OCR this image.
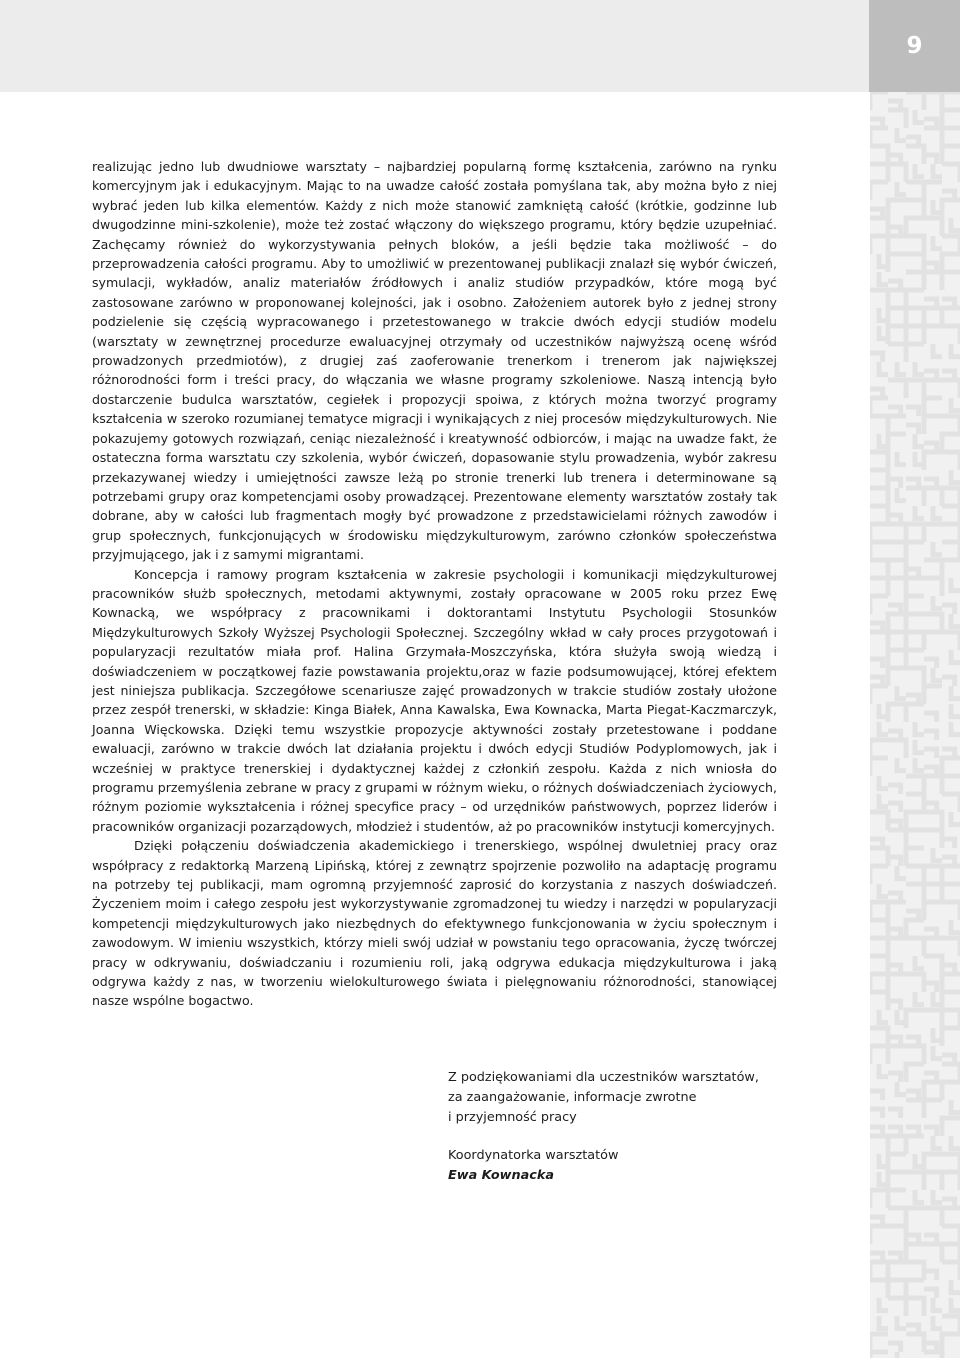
9

realizując jedno lub dwudniowe warsztaty – najbardziej popularną formę kształcenia, zarówno na rynku komercyjnym jak i edukacyjnym. Mając to na uwadze całość została pomyślana tak, aby można było z niej wybrać jeden lub kilka elementów. Każdy z nich może stanowić zamkniętą całość (krótkie, godzinne lub dwugodzinne mini-szkolenie), może też zostać włączony do większego programu, który będzie uzupełniać. Zachęcamy również do wykorzystywania pełnych bloków, a jeśli będzie taka możliwość – do przeprowadzenia całości programu. Aby to umożliwić w prezentowanej publikacji znalazł się wybór ćwiczeń, symulacji, wykładów, analiz materiałów źródłowych i analiz studiów przypadków, które mogą być zastosowane zarówno w proponowanej kolejności, jak i osobno. Założeniem autorek było z jednej strony podzielenie się częścią wypracowanego i przetestowanego w trakcie dwóch edycji studiów modelu (warsztaty w zewnętrznej procedurze ewaluacyjnej otrzymały od uczestników najwyższą ocenę wśród prowadzonych przedmiotów), z drugiej zaś zaoferowanie trenerkom i trenerom jak największej różnorodności form i treści pracy, do włączania we własne programy szkoleniowe. Naszą intencją było dostarczenie budulca warsztatów, cegiełek i propozycji spoiwa, z których można tworzyć programy kształcenia w szeroko rozumianej tematyce migracji i wynikających z niej procesów międzykulturowych. Nie pokazujemy gotowych rozwiązań, ceniąc niezależność i kreatywność odbiorców, i mając na uwadze fakt, że ostateczna forma warsztatu czy szkolenia, wybór ćwiczeń, dopasowanie stylu prowadzenia, wybór zakresu przekazywanej wiedzy i umiejętności zawsze leżą po stronie trenerki lub trenera i determinowane są potrzebami grupy oraz kompetencjami osoby prowadzącej. Prezentowane elementy warsztatów zostały tak dobrane, aby w całości lub fragmentach mogły być prowadzone z przedstawicielami różnych zawodów i grup społecznych, funkcjonujących w środowisku międzykulturowym, zarówno członków społeczeństwa przyjmującego, jak i z samymi migrantami.

Koncepcja i ramowy program kształcenia w zakresie psychologii i komunikacji międzykulturowej pracowników służb społecznych, metodami aktywnymi, zostały opracowane w 2005 roku przez Ewę Kownacką, we współpracy z pracownikami i doktorantami Instytutu Psychologii Stosunków Międzykulturowych Szkoły Wyższej Psychologii Społecznej. Szczególny wkład w cały proces przygotowań i popularyzacji rezultatów miała prof. Halina Grzymała-Moszczyńska, która służyła swoją wiedzą i doświadczeniem w początkowej fazie powstawania projektu,oraz w fazie podsumowującej, której efektem jest niniejsza publikacja. Szczegółowe scenariusze zajęć prowadzonych w trakcie studiów zostały ułożone przez zespół trenerski, w składzie: Kinga Białek, Anna Kawalska, Ewa Kownacka, Marta Piegat-Kaczmarczyk, Joanna Więckowska. Dzięki temu wszystkie propozycje aktywności zostały przetestowane i poddane ewaluacji, zarówno w trakcie dwóch lat działania projektu i dwóch edycji Studiów Podyplomowych, jak i wcześniej w praktyce trenerskiej i dydaktycznej każdej z członkiń zespołu. Każda z nich wniosła do programu przemyślenia zebrane w pracy z grupami w różnym wieku, o różnych doświadczeniach życiowych, różnym poziomie wykształcenia i różnej specyfice pracy – od urzędników państwowych, poprzez liderów i pracowników organizacji pozarządowych, młodzież i studentów, aż po pracowników instytucji komercyjnych.

Dzięki połączeniu doświadczenia akademickiego i trenerskiego, wspólnej dwuletniej pracy oraz współpracy z redaktorką Marzeną Lipińską, której z zewnątrz spojrzenie pozwoliło na adaptację programu na potrzeby tej publikacji, mam ogromną przyjemność zaprosić do korzystania z naszych doświadczeń. Życzeniem moim i całego zespołu jest wykorzystywanie zgromadzonej tu wiedzy i narzędzi w popularyzacji kompetencji międzykulturowych jako niezbędnych do efektywnego funkcjonowania w życiu społecznym i zawodowym. W imieniu wszystkich, którzy mieli swój udział w powstaniu tego opracowania, życzę twórczej pracy w odkrywaniu, doświadczaniu i rozumieniu roli, jaką odgrywa edukacja międzykulturowa i jaką odgrywa każdy z nas, w tworzeniu wielokulturowego świata i pielęgnowaniu różnorodności, stanowiącej nasze wspólne bogactwo.

Z podziękowaniami dla uczestników warsztatów,
za zaangażowanie, informacje zwrotne
i przyjemność pracy
Koordynatorka warsztatów
Ewa Kownacka
